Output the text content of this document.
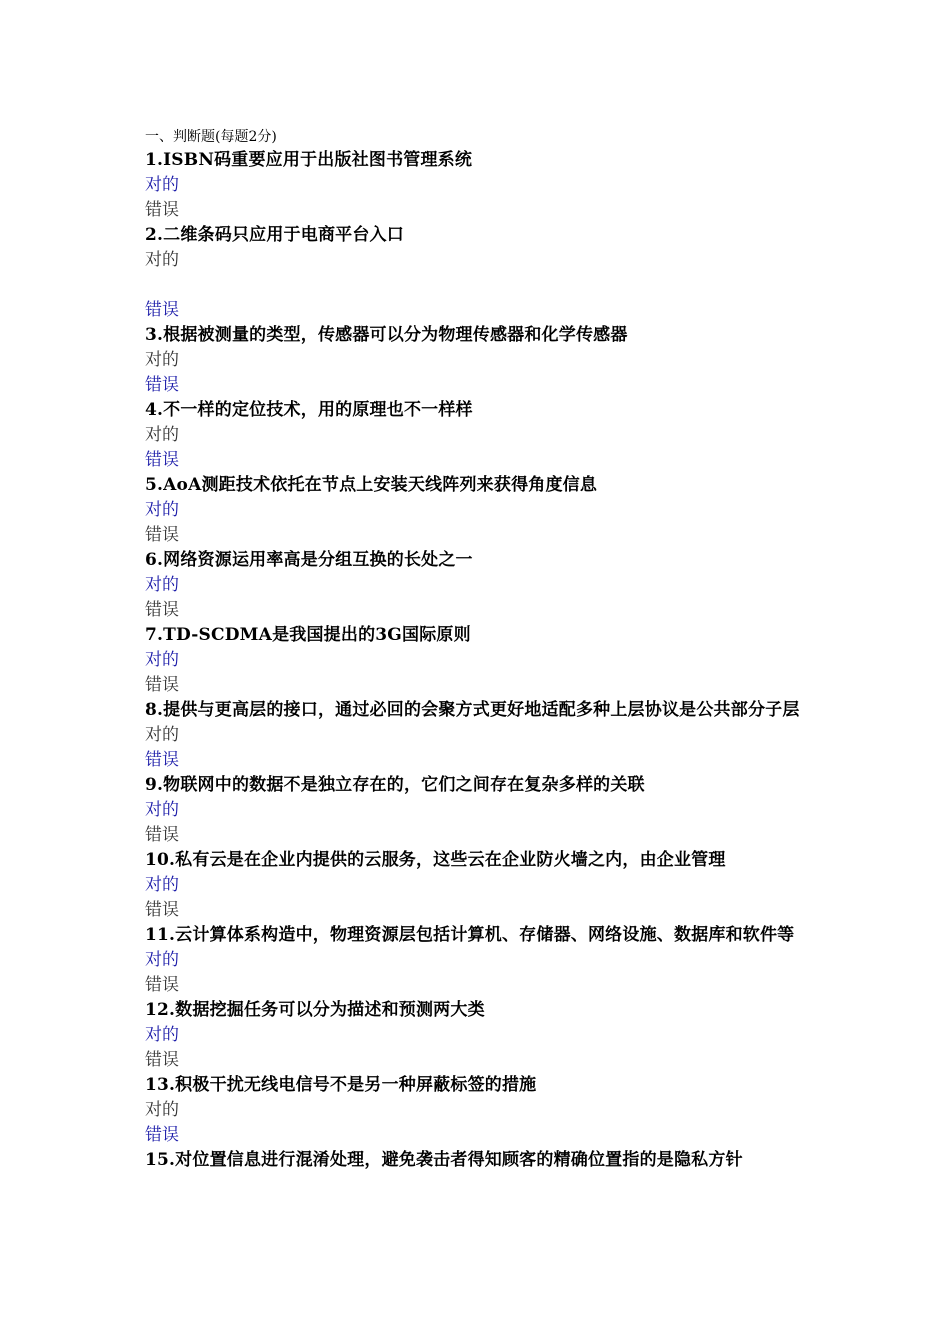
一、判断题(每题2分)
1.ISBN码重要应用于出版社图书管理系统
对的
错误
2.二维条码只应用于电商平台入口
对的
错误
3.根据被测量的类型，传感器可以分为物理传感器和化学传感器
对的
错误
4.不一样的定位技术，用的原理也不一样样
对的
错误
5.AoA测距技术依托在节点上安装天线阵列来获得角度信息
对的
错误
6.网络资源运用率高是分组互换的长处之一
对的
错误
7.TD-SCDMA是我国提出的3G国际原则
对的
错误
8.提供与更高层的接口，通过必回的会聚方式更好地适配多种上层协议是公共部分子层
对的
错误
9.物联网中的数据不是独立存在的，它们之间存在复杂多样的关联
对的
错误
10.私有云是在企业内提供的云服务，这些云在企业防火墙之内，由企业管理
对的
错误
11.云计算体系构造中，物理资源层包括计算机、存储器、网络设施、数据库和软件等
对的
错误
12.数据挖掘任务可以分为描述和预测两大类
对的
错误
13.积极干扰无线电信号不是另一种屏蔽标签的措施
对的
错误
15.对位置信息进行混淆处理，避免袭击者得知顾客的精确位置指的是隐私方针
